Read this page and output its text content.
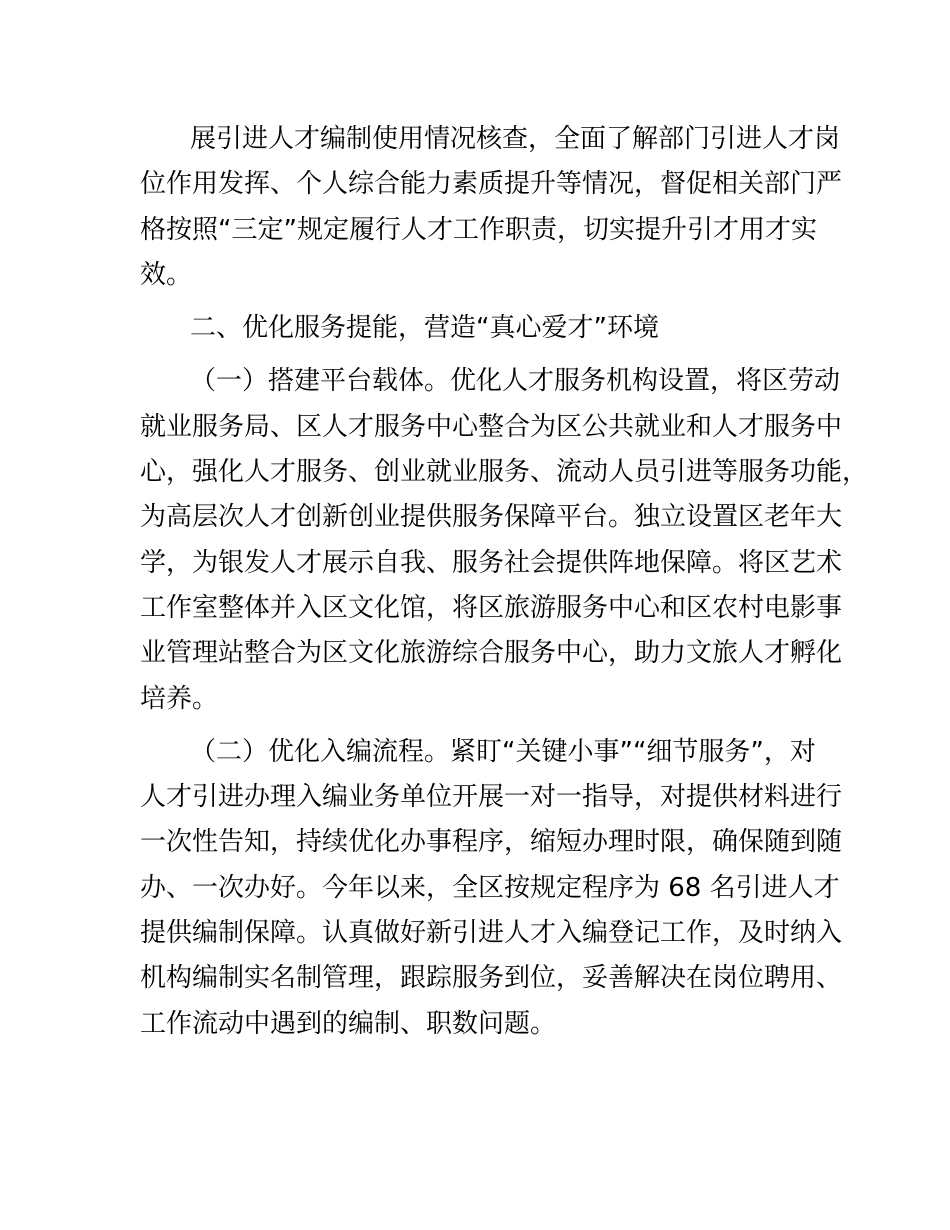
展引进人才编制使用情况核查，全面了解部门引进人才岗
位作用发挥、个人综合能力素质提升等情况，督促相关部门严
格按照“三定”规定履行人才工作职责，切实提升引才用才实
效。
二、优化服务提能，营造“真心爱才”环境
（一）搭建平台载体。优化人才服务机构设置，将区劳动
就业服务局、区人才服务中心整合为区公共就业和人才服务中
心，强化人才服务、创业就业服务、流动人员引进等服务功能，
为高层次人才创新创业提供服务保障平台。独立设置区老年大
学，为银发人才展示自我、服务社会提供阵地保障。将区艺术
工作室整体并入区文化馆，将区旅游服务中心和区农村电影事
业管理站整合为区文化旅游综合服务中心，助力文旅人才孵化
培养。
（二）优化入编流程。紧盯“关键小事”“细节服务”，对
人才引进办理入编业务单位开展一对一指导，对提供材料进行
一次性告知，持续优化办事程序，缩短办理时限，确保随到随
办、一次办好。今年以来，全区按规定程序为 68 名引进人才
提供编制保障。认真做好新引进人才入编登记工作，及时纳入
机构编制实名制管理，跟踪服务到位，妥善解决在岗位聘用、
工作流动中遇到的编制、职数问题。
